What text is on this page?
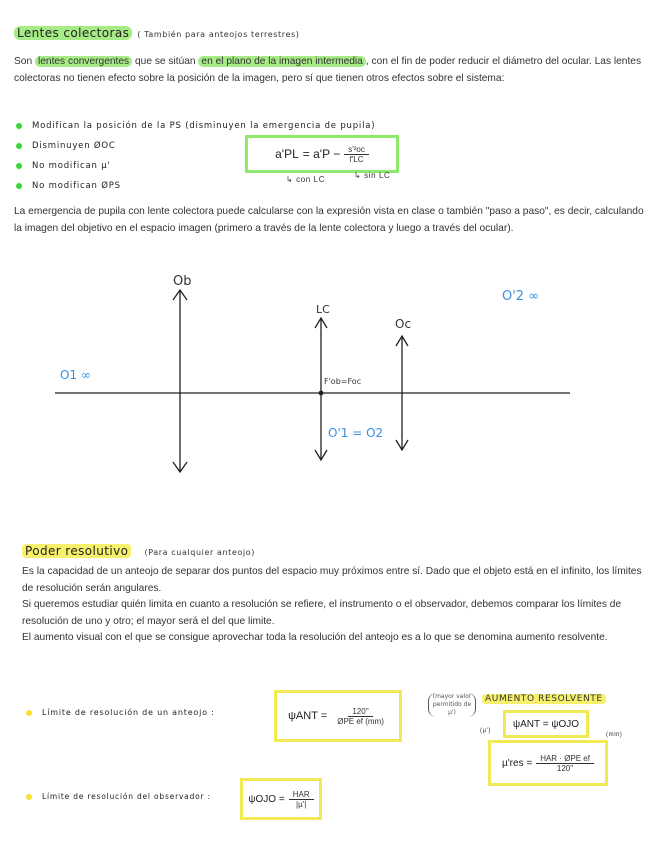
Lentes colectoras ( También para anteojos terrestres)
Son lentes convergentes que se sitúan en el plano de la imagen intermedia , con el fin de poder reducir el diámetro del ocular. Las lentes colectoras no tienen efecto sobre la posición de la imagen, pero sí que tienen otros efectos sobre el sistema:
Modifican la posición de la PS (disminuyen la emergencia de pupila)
Disminuyen ØOC
No modifican µ'
No modifican ØPS
$a'PL = a'P - \frac{\text{s'²oc}}{f'LC}$
↳ con LC	↳ sin LC
La emergencia de pupila con lente colectora puede calcularse con la expresión vista en clase o también "paso a paso", es decir, calculando la imagen del objetivo en el espacio imagen (primero a través de la lente colectora y luego a través del ocular).
Ob
LC
Oc
F'ob=Foc
O1 ∞
O'2 ∞
O'1 = O2
Poder resolutivo (Para cualquier anteojo)
Es la capacidad de un anteojo de separar dos puntos del espacio muy próximos entre sí. Dado que el objeto está en el infinito, los límites de resolución serán angulares.
Si queremos estudiar quién limita en cuanto a resolución se refiere, el instrumento o el observador, debemos comparar los límites de resolución de uno y otro; el mayor será el del que limite.
El aumento visual con el que se consigue aprovechar toda la resolución del anteojo es a lo que se denomina aumento resolvente.
Límite de resolución de un anteojo :	$\psi ANT = \frac{120''}{\text{ØPE ef (mm)}}$
Límite de resolución del observador :	$\psi OJO = \frac{\text{HAR}}{\text{|µ'|}}$
(mayor valor permitido de µ')
AUMENTO RESOLVENTE
ψANT = ψOJO
(µ')
(mm)
$\mu'res = \frac{\text{HAR · ØPE ef}}{120''}$
